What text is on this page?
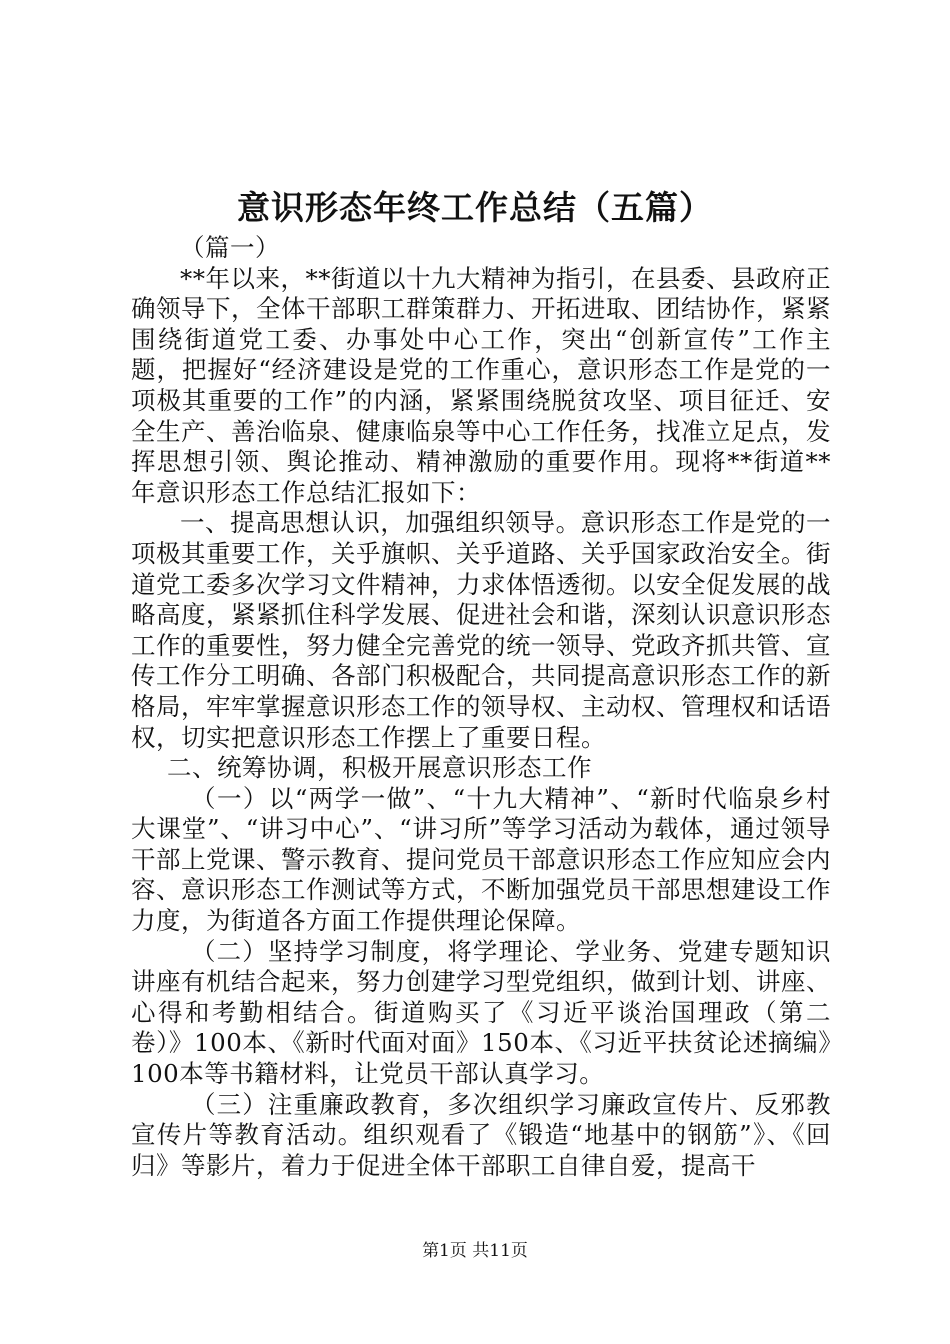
意识形态年终工作总结（五篇）

（篇一）

**年以来，**街道以十九大精神为指引，在县委、县政府正确领导下，全体干部职工群策群力、开拓进取、团结协作，紧紧围绕街道党工委、办事处中心工作，突出“创新宣传”工作主题，把握好“经济建设是党的工作重心，意识形态工作是党的一项极其重要的工作”的内涵，紧紧围绕脱贫攻坚、项目征迁、安全生产、善治临泉、健康临泉等中心工作任务，找准立足点，发挥思想引领、舆论推动、精神激励的重要作用。现将**街道**年意识形态工作总结汇报如下：

一、提高思想认识，加强组织领导。意识形态工作是党的一项极其重要工作，关乎旗帜、关乎道路、关乎国家政治安全。街道党工委多次学习文件精神，力求体悟透彻。以安全促发展的战略高度，紧紧抓住科学发展、促进社会和谐，深刻认识意识形态工作的重要性，努力健全完善党的统一领导、党政齐抓共管、宣传工作分工明确、各部门积极配合，共同提高意识形态工作的新格局，牢牢掌握意识形态工作的领导权、主动权、管理权和话语权，切实把意识形态工作摆上了重要日程。

二、统筹协调，积极开展意识形态工作

（一）以“两学一做”、“十九大精神”、“新时代临泉乡村大课堂”、“讲习中心”、“讲习所”等学习活动为载体，通过领导干部上党课、警示教育、提问党员干部意识形态工作应知应会内容、意识形态工作测试等方式，不断加强党员干部思想建设工作力度，为街道各方面工作提供理论保障。

（二）坚持学习制度，将学理论、学业务、党建专题知识讲座有机结合起来，努力创建学习型党组织，做到计划、讲座、心得和考勤相结合。街道购买了《习近平谈治国理政（第二卷）》100本、《新时代面对面》150本、《习近平扶贫论述摘编》100本等书籍材料，让党员干部认真学习。

（三）注重廉政教育，多次组织学习廉政宣传片、反邪教宣传片等教育活动。组织观看了《锻造“地基中的钢筋”》、《回归》等影片，着力于促进全体干部职工自律自爱，提高干

第1页 共11页
